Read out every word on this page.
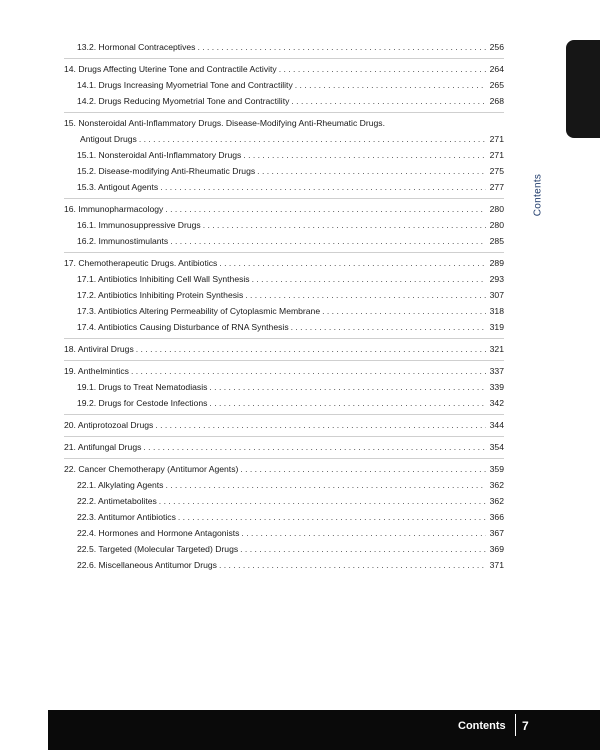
13.2. Hormonal Contraceptives . . .	256
14. Drugs Affecting Uterine Tone and Contractile Activity . . .	264
14.1. Drugs Increasing Myometrial Tone and Contractility . . .	265
14.2. Drugs Reducing Myometrial Tone and Contractility . . .	268
15. Nonsteroidal Anti-Inflammatory Drugs. Disease-Modifying Anti-Rheumatic Drugs.
Antigout Drugs . . .	271
15.1. Nonsteroidal Anti-Inflammatory Drugs . . .	271
15.2. Disease-modifying Anti-Rheumatic Drugs . . .	275
15.3. Antigout Agents . . .	277
16. Immunopharmacology . . .	280
16.1. Immunosuppressive Drugs . . .	280
16.2. Immunostimulants . . .	285
17. Chemotherapeutic Drugs. Antibiotics . . .	289
17.1. Antibiotics Inhibiting Cell Wall Synthesis . . .	293
17.2. Antibiotics Inhibiting Protein Synthesis . . .	307
17.3. Antibiotics Altering Permeability of Cytoplasmic Membrane . . .	318
17.4. Antibiotics Causing Disturbance of RNA Synthesis . . .	319
18. Antiviral Drugs . . .	321
19. Anthelmintics . . .	337
19.1. Drugs to Treat Nematodiasis . . .	339
19.2. Drugs for Cestode Infections . . .	342
20. Antiprotozoal Drugs . . .	344
21. Antifungal Drugs . . .	354
22. Cancer Chemotherapy (Antitumor Agents) . . .	359
22.1. Alkylating Agents . . .	362
22.2. Antimetabolites . . .	362
22.3. Antitumor Antibiotics . . .	366
22.4. Hormones and Hormone Antagonists . . .	367
22.5. Targeted (Molecular Targeted) Drugs . . .	369
22.6. Miscellaneous Antitumor Drugs . . .	371
Contents
Contents 7
